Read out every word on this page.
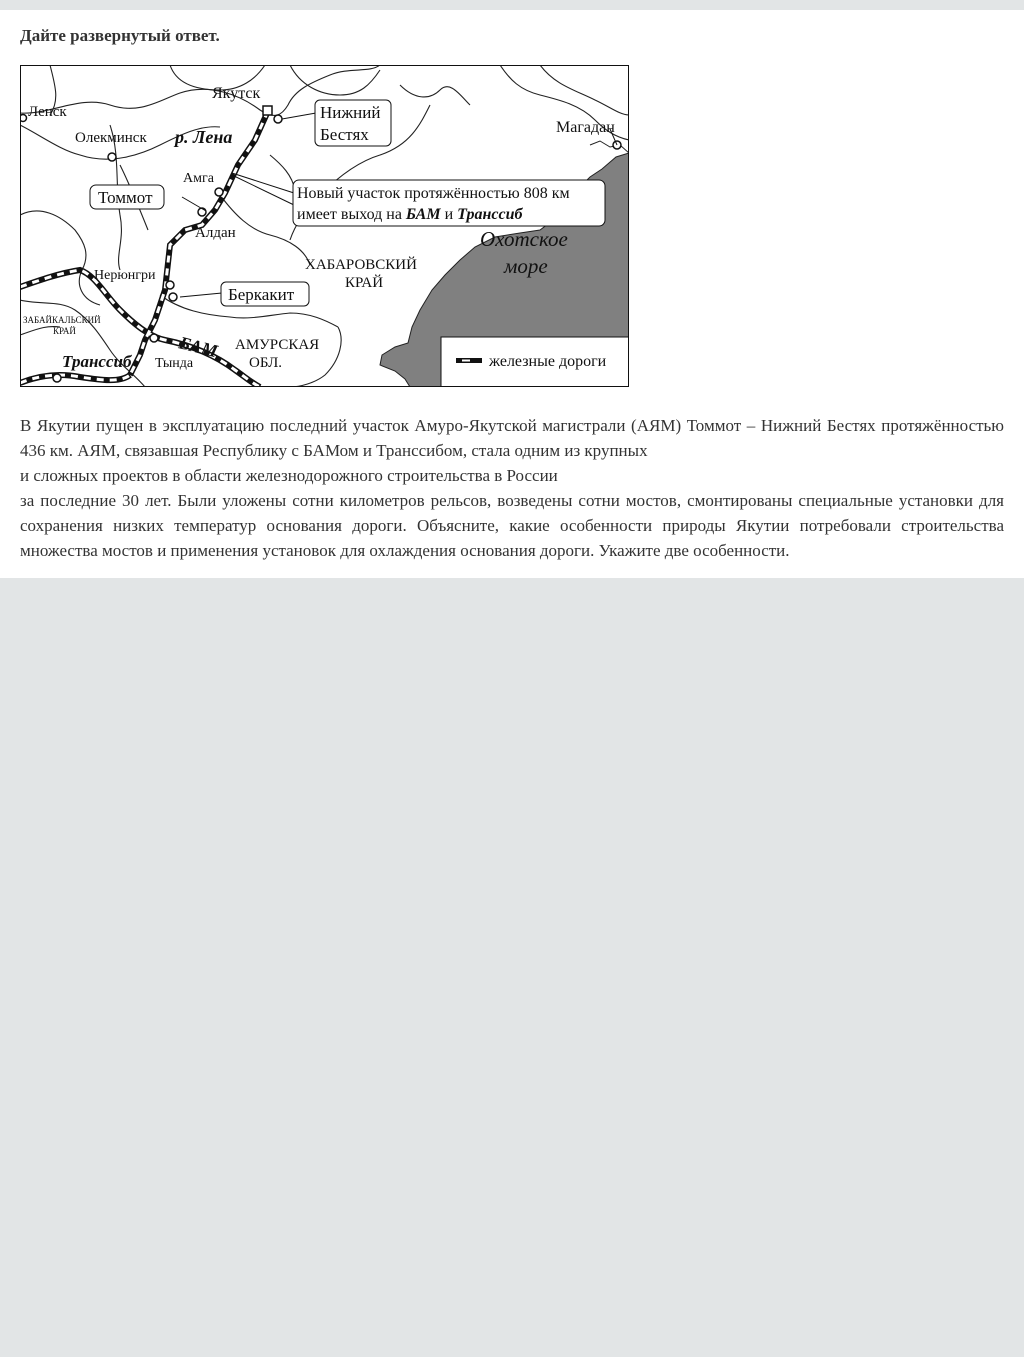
Дайте развернутый ответ.
Якутск
Ленск
Олекминск р. Лена
Нижний
Бестях	Магадан
Амга
Томмот	Новый участок протяжённостью 808 км
имеет выход на БАМ и Транссиб
Алдан	Охотское
море
ХАБАРОВСКИЙ
КРАЙ
Нерюнгри
Беркакит
ЗАБАЙКАЛЬСКИЙ
КРАЙ
БАМ АМУРСКАЯ
ОБЛ.
Транссиб Тында	железные дороги

В Якутии пущен в эксплуатацию последний участок Амуро-Якутской магистрали (АЯМ) Томмот – Нижний Бестях протяжённостью 436 км. АЯМ, связавшая Республику с БАМом и Транссибом, стала одним из крупных

и сложных проектов в области железнодорожного строительства в России

за последние 30 лет. Были уложены сотни километров рельсов, возведены сотни мостов, смонтированы специальные установки для сохранения низких температур основания дороги. Объясните, какие особенности природы Якутии потребовали строительства множества мостов и применения установок для охлаждения основания дороги. Укажите две особенности.
